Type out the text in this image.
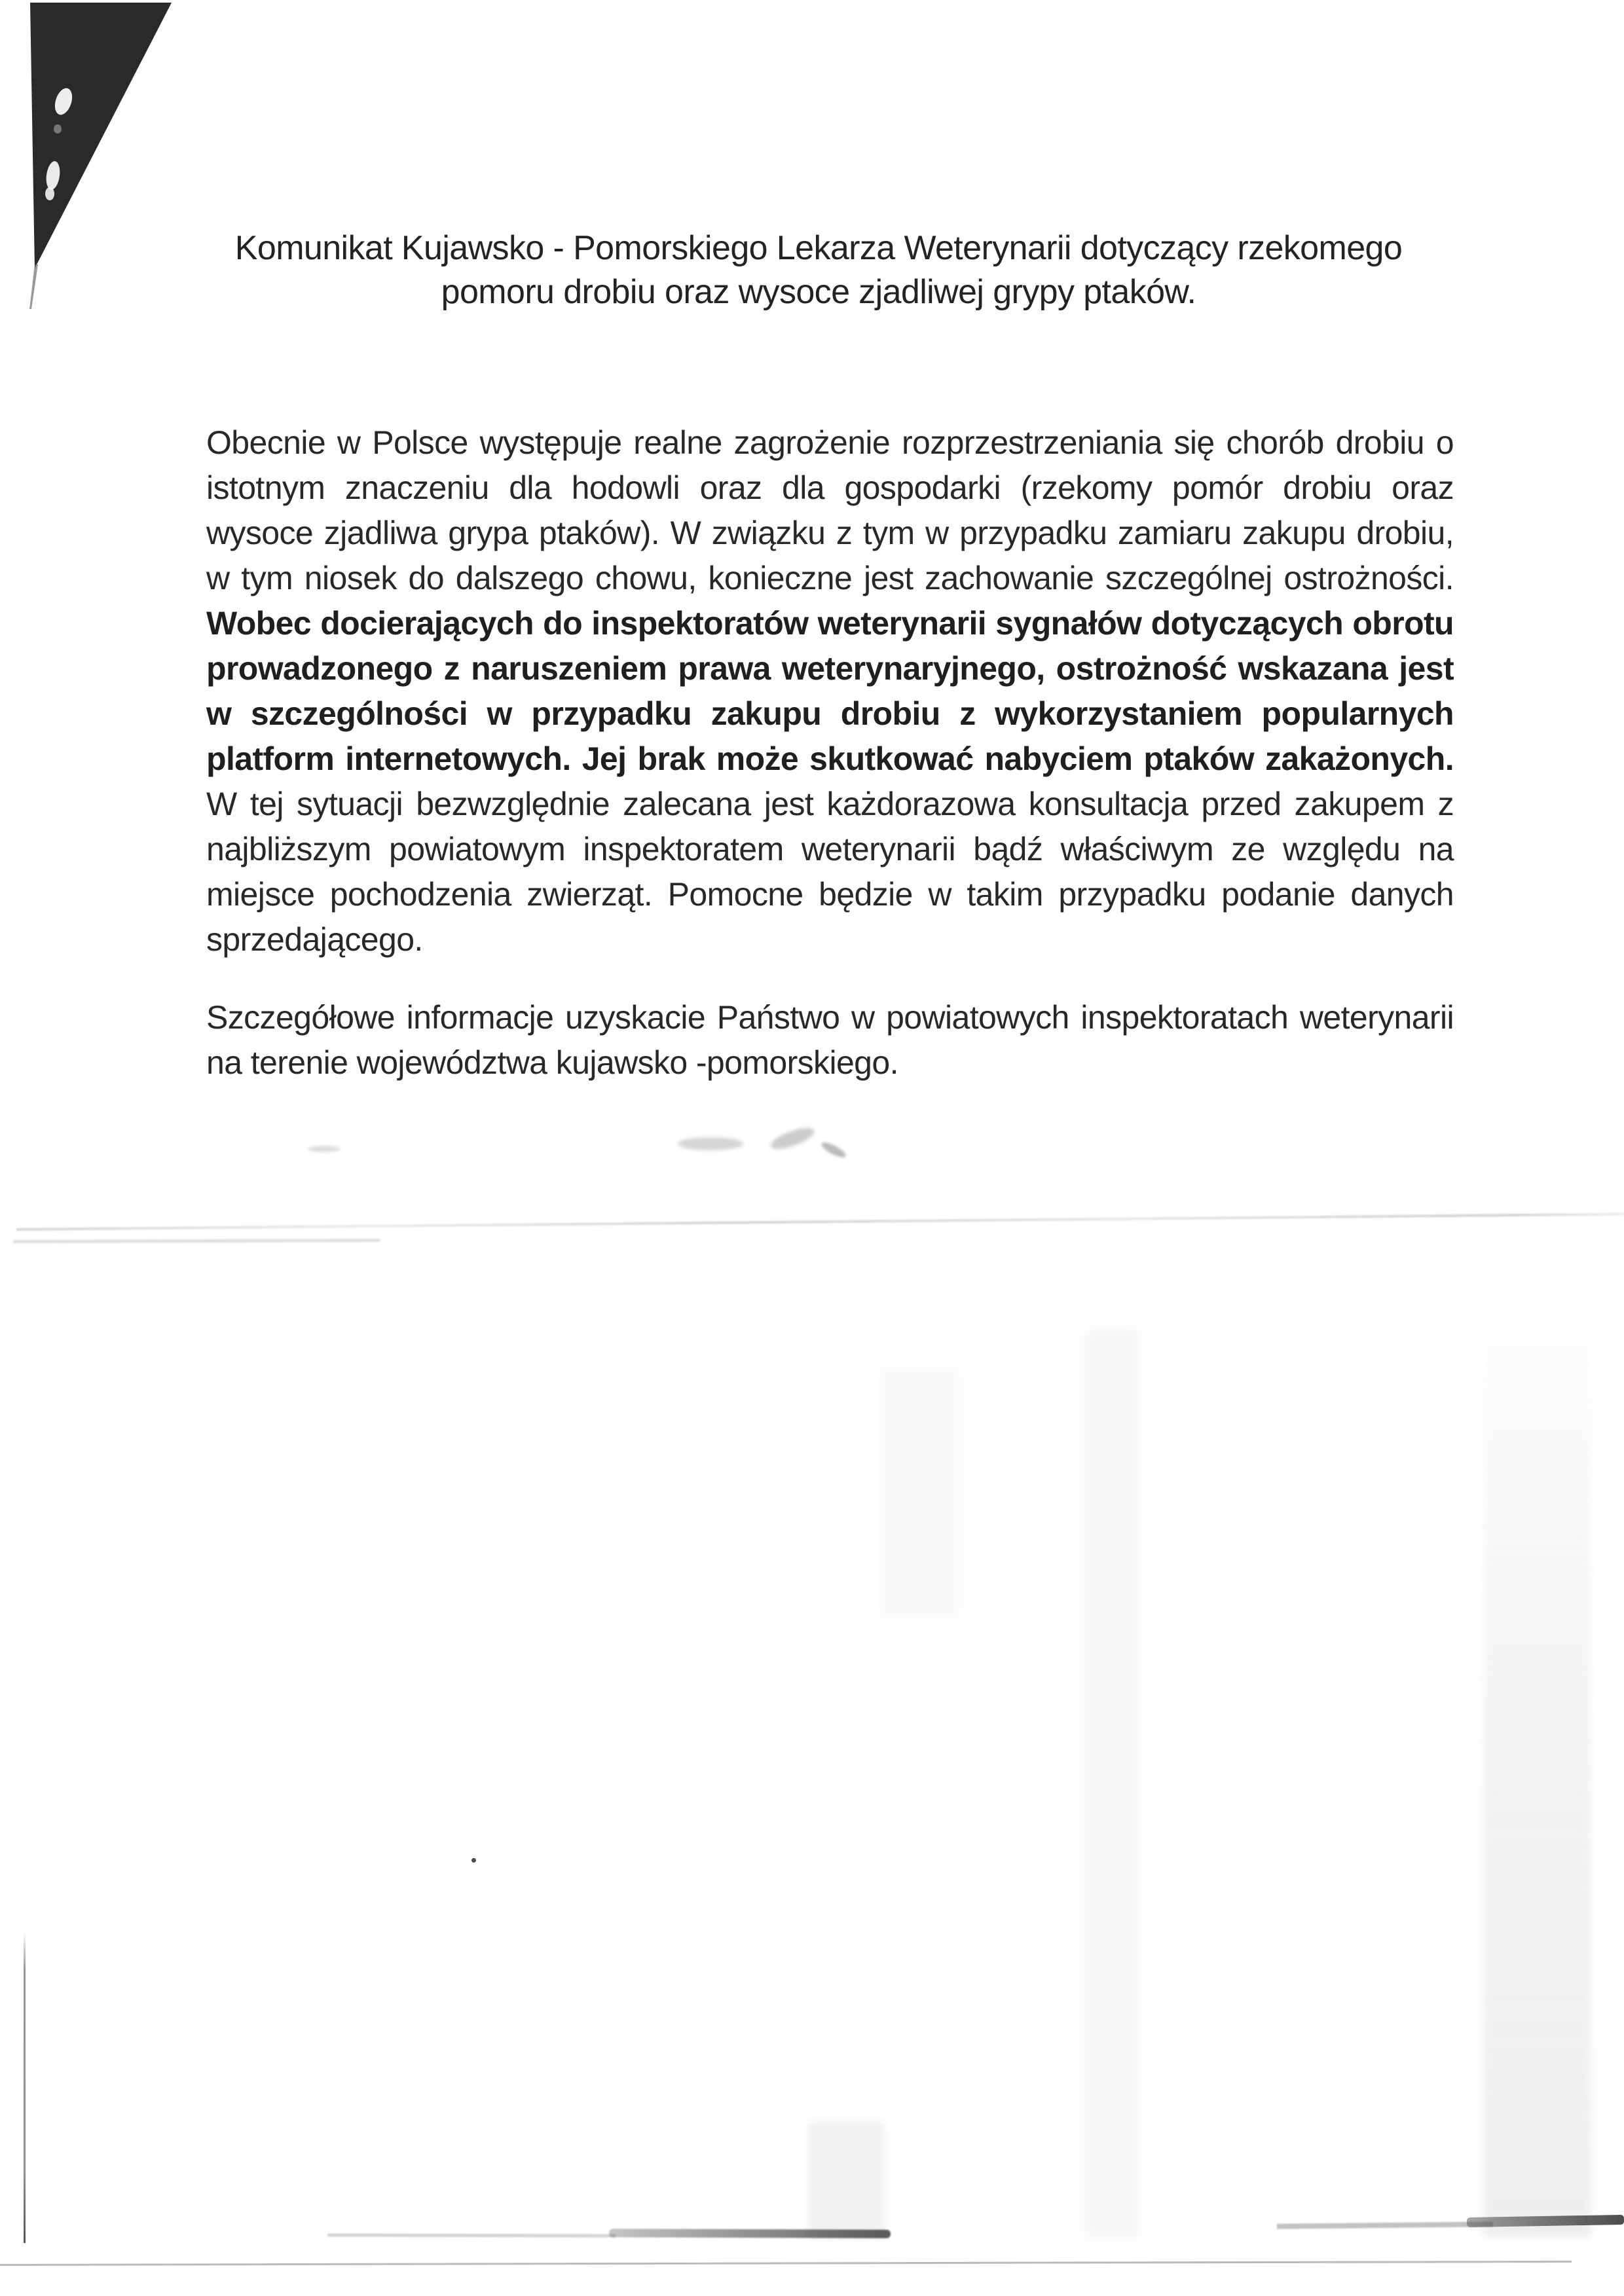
Komunikat Kujawsko - Pomorskiego Lekarza Weterynarii dotyczący rzekomego pomoru drobiu oraz wysoce zjadliwej grypy ptaków.

Obecnie w Polsce występuje realne zagrożenie rozprzestrzeniania się chorób drobiu o istotnym znaczeniu dla hodowli oraz dla gospodarki (rzekomy pomór drobiu oraz wysoce zjadliwa grypa ptaków). W związku z tym w przypadku zamiaru zakupu drobiu, w tym niosek do dalszego chowu, konieczne jest zachowanie szczególnej ostrożności. Wobec docierających do inspektoratów weterynarii sygnałów dotyczących obrotu prowadzonego z naruszeniem prawa weterynaryjnego, ostrożność wskazana jest w szczególności w przypadku zakupu drobiu z wykorzystaniem popularnych platform internetowych. Jej brak może skutkować nabyciem ptaków zakażonych. W tej sytuacji bezwzględnie zalecana jest każdorazowa konsultacja przed zakupem z najbliższym powiatowym inspektoratem weterynarii bądź właściwym ze względu na miejsce pochodzenia zwierząt. Pomocne będzie w takim przypadku podanie danych sprzedającego.

Szczegółowe informacje uzyskacie Państwo w powiatowych inspektoratach weterynarii na terenie województwa kujawsko -pomorskiego.
